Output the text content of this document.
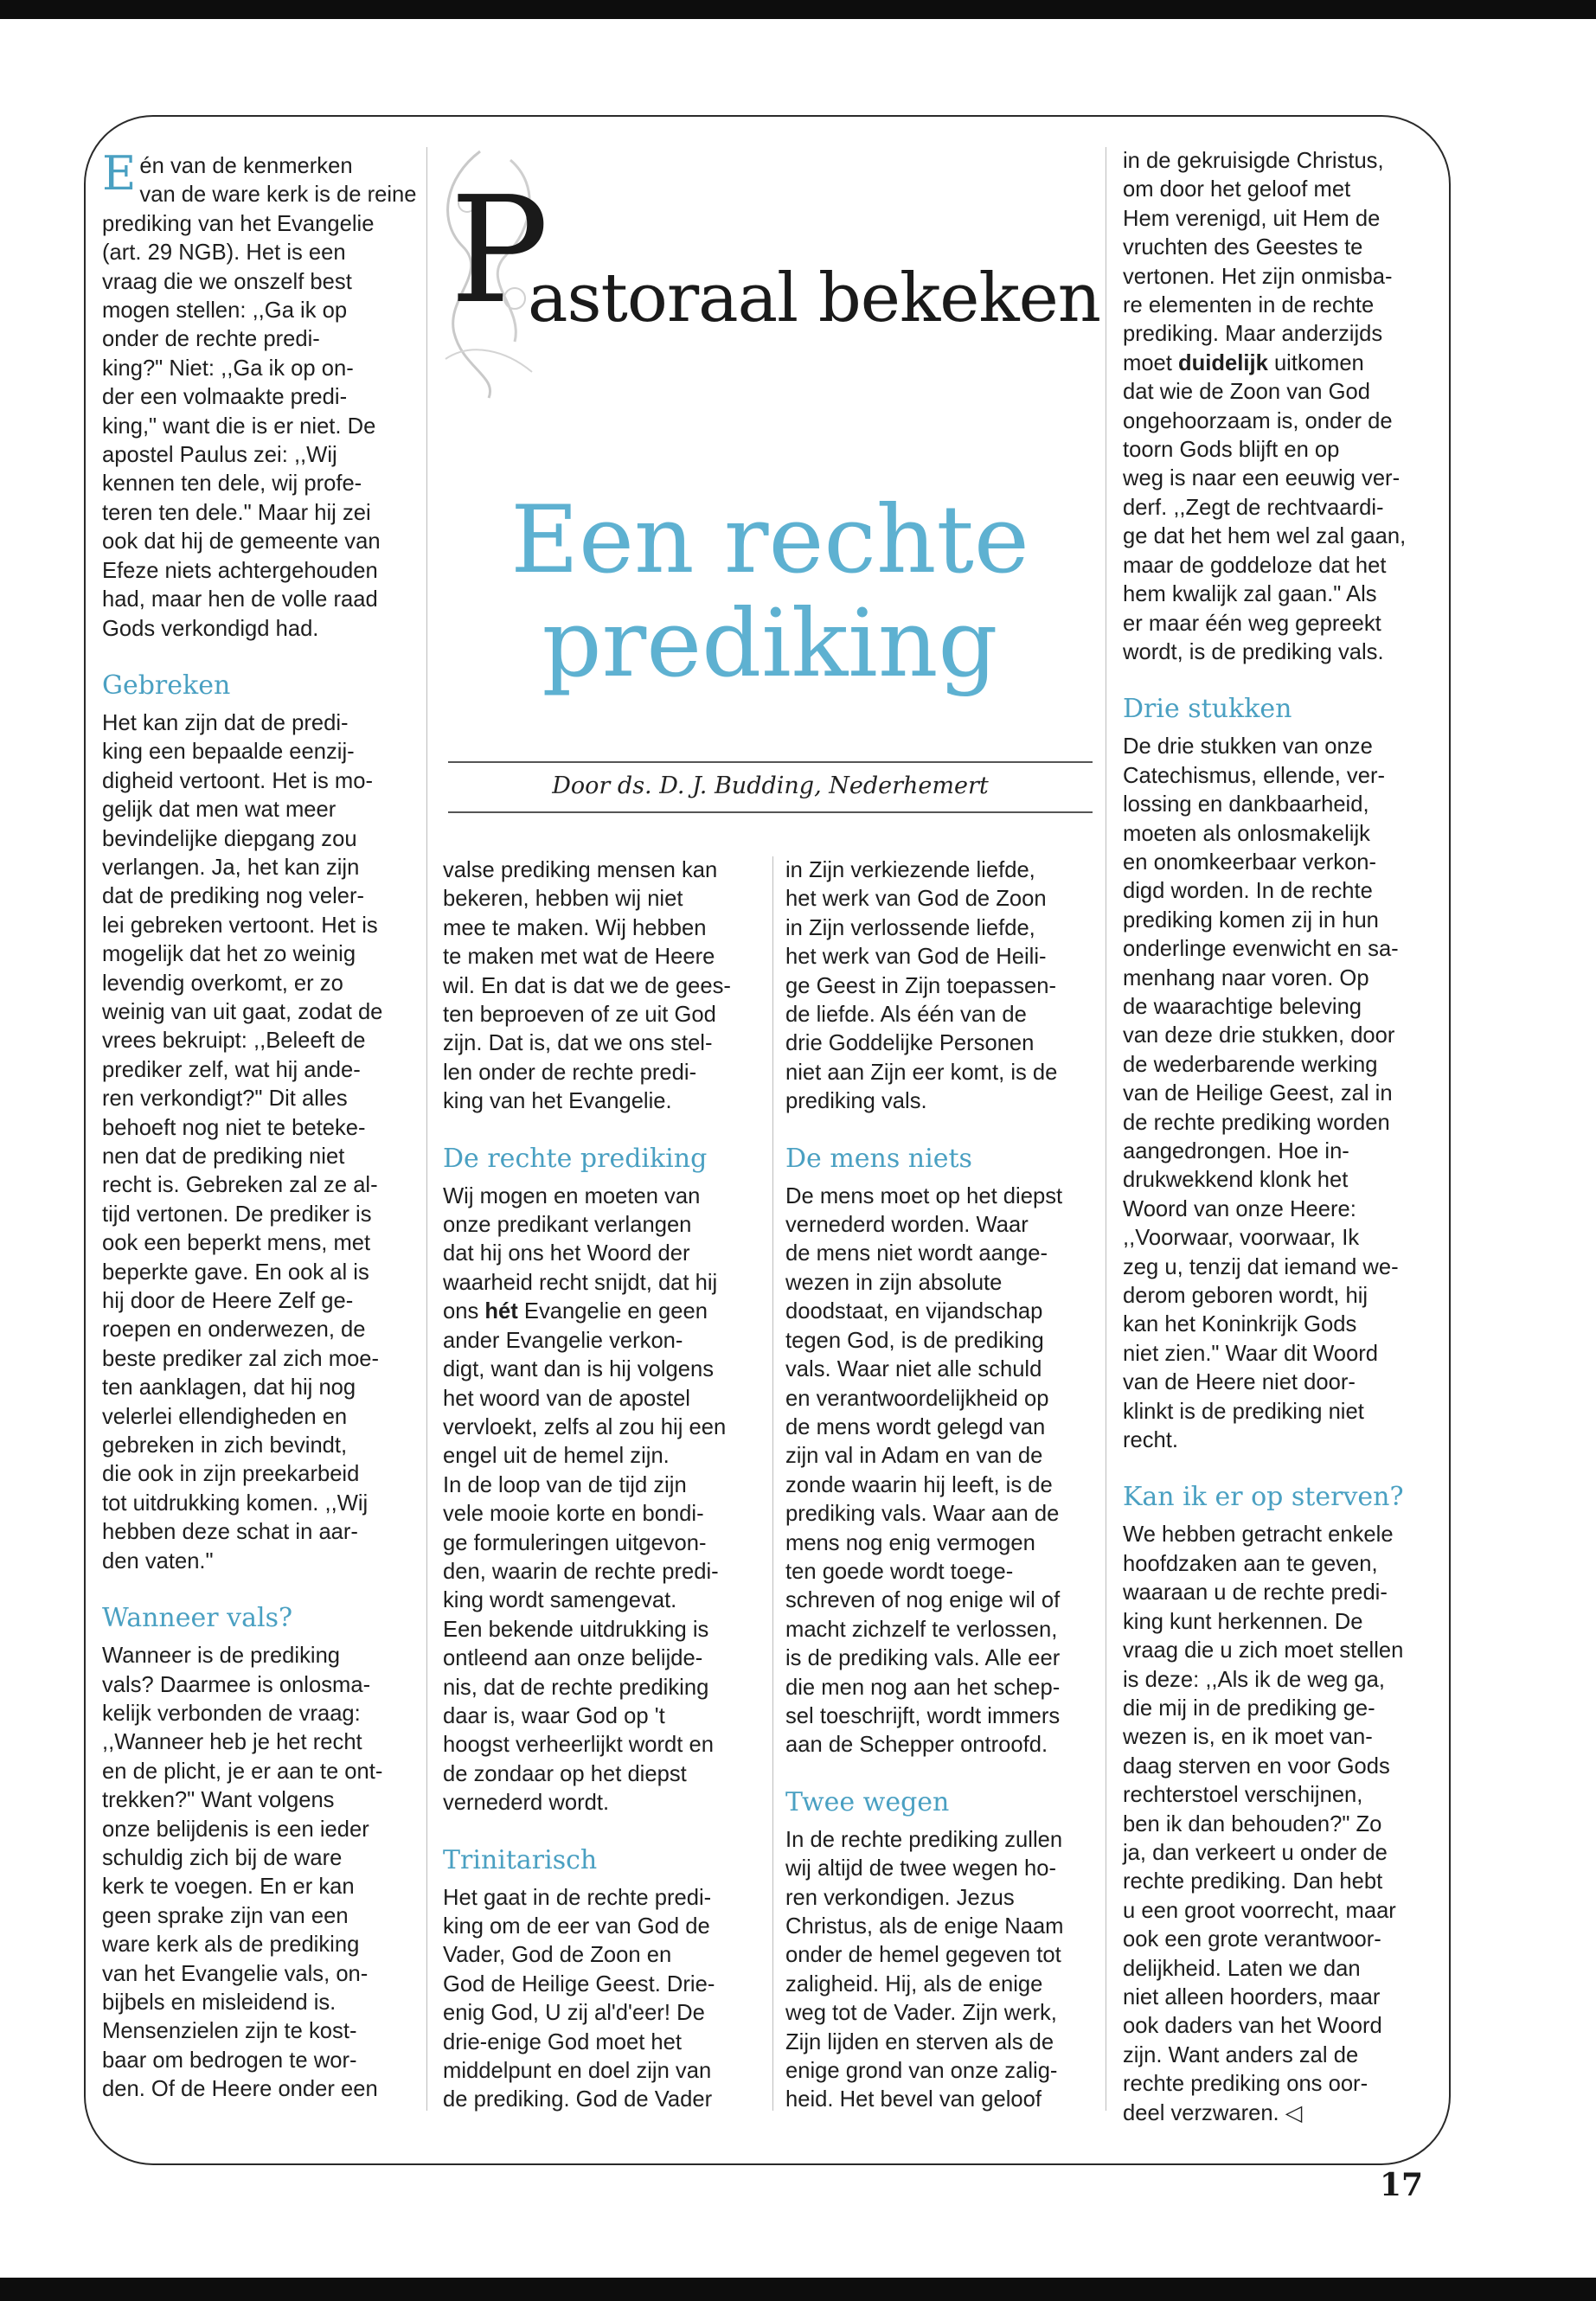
P
astoraal bekeken
Een rechte
prediking
Door ds. D. J. Budding, Nederhemert

Eén van de kenmerken
van de ware kerk is de reine
prediking van het Evangelie
(art. 29 NGB). Het is een
vraag die we onszelf best
mogen stellen: ,,Ga ik op
onder de rechte predi-
king?" Niet: ,,Ga ik op on-
der een volmaakte predi-
king," want die is er niet. De
apostel Paulus zei: ,,Wij
kennen ten dele, wij profe-
teren ten dele." Maar hij zei
ook dat hij de gemeente van
Efeze niets achtergehouden
had, maar hen de volle raad
Gods verkondigd had.

Gebreken

Het kan zijn dat de predi-
king een bepaalde eenzij-
digheid vertoont. Het is mo-
gelijk dat men wat meer
bevindelijke diepgang zou
verlangen. Ja, het kan zijn
dat de prediking nog veler-
lei gebreken vertoont. Het is
mogelijk dat het zo weinig
levendig overkomt, er zo
weinig van uit gaat, zodat de
vrees bekruipt: ,,Beleeft de
prediker zelf, wat hij ande-
ren verkondigt?" Dit alles
behoeft nog niet te beteke-
nen dat de prediking niet
recht is. Gebreken zal ze al-
tijd vertonen. De prediker is
ook een beperkt mens, met
beperkte gave. En ook al is
hij door de Heere Zelf ge-
roepen en onderwezen, de
beste prediker zal zich moe-
ten aanklagen, dat hij nog
velerlei ellendigheden en
gebreken in zich bevindt,
die ook in zijn preekarbeid
tot uitdrukking komen. ,,Wij
hebben deze schat in aar-
den vaten."

Wanneer vals?

Wanneer is de prediking
vals? Daarmee is onlosma-
kelijk verbonden de vraag:
,,Wanneer heb je het recht
en de plicht, je er aan te ont-
trekken?" Want volgens
onze belijdenis is een ieder
schuldig zich bij de ware
kerk te voegen. En er kan
geen sprake zijn van een
ware kerk als de prediking
van het Evangelie vals, on-
bijbels en misleidend is.
Mensenzielen zijn te kost-
baar om bedrogen te wor-
den. Of de Heere onder een

valse prediking mensen kan
bekeren, hebben wij niet
mee te maken. Wij hebben
te maken met wat de Heere
wil. En dat is dat we de gees-
ten beproeven of ze uit God
zijn. Dat is, dat we ons stel-
len onder de rechte predi-
king van het Evangelie.

De rechte prediking

Wij mogen en moeten van
onze predikant verlangen
dat hij ons het Woord der
waarheid recht snijdt, dat hij
ons hét Evangelie en geen
ander Evangelie verkon-
digt, want dan is hij volgens
het woord van de apostel
vervloekt, zelfs al zou hij een
engel uit de hemel zijn.

In de loop van de tijd zijn
vele mooie korte en bondi-
ge formuleringen uitgevon-
den, waarin de rechte predi-
king wordt samengevat.
Een bekende uitdrukking is
ontleend aan onze belijde-
nis, dat de rechte prediking
daar is, waar God op 't
hoogst verheerlijkt wordt en
de zondaar op het diepst
vernederd wordt.

Trinitarisch

Het gaat in de rechte predi-
king om de eer van God de
Vader, God de Zoon en
God de Heilige Geest. Drie-
enig God, U zij al'd'eer! De
drie-enige God moet het
middelpunt en doel zijn van
de prediking. God de Vader

in Zijn verkiezende liefde,
het werk van God de Zoon
in Zijn verlossende liefde,
het werk van God de Heili-
ge Geest in Zijn toepassen-
de liefde. Als één van de
drie Goddelijke Personen
niet aan Zijn eer komt, is de
prediking vals.

De mens niets

De mens moet op het diepst
vernederd worden. Waar
de mens niet wordt aange-
wezen in zijn absolute
doodstaat, en vijandschap
tegen God, is de prediking
vals. Waar niet alle schuld
en verantwoordelijkheid op
de mens wordt gelegd van
zijn val in Adam en van de
zonde waarin hij leeft, is de
prediking vals. Waar aan de
mens nog enig vermogen
ten goede wordt toege-
schreven of nog enige wil of
macht zichzelf te verlossen,
is de prediking vals. Alle eer
die men nog aan het schep-
sel toeschrijft, wordt immers
aan de Schepper ontroofd.

Twee wegen

In de rechte prediking zullen
wij altijd de twee wegen ho-
ren verkondigen. Jezus
Christus, als de enige Naam
onder de hemel gegeven tot
zaligheid. Hij, als de enige
weg tot de Vader. Zijn werk,
Zijn lijden en sterven als de
enige grond van onze zalig-
heid. Het bevel van geloof

in de gekruisigde Christus,
om door het geloof met
Hem verenigd, uit Hem de
vruchten des Geestes te
vertonen. Het zijn onmisba-
re elementen in de rechte
prediking. Maar anderzijds
moet duidelijk uitkomen
dat wie de Zoon van God
ongehoorzaam is, onder de
toorn Gods blijft en op
weg is naar een eeuwig ver-
derf. ,,Zegt de rechtvaardi-
ge dat het hem wel zal gaan,
maar de goddeloze dat het
hem kwalijk zal gaan." Als
er maar één weg gepreekt
wordt, is de prediking vals.

Drie stukken

De drie stukken van onze
Catechismus, ellende, ver-
lossing en dankbaarheid,
moeten als onlosmakelijk
en onomkeerbaar verkon-
digd worden. In de rechte
prediking komen zij in hun
onderlinge evenwicht en sa-
menhang naar voren. Op
de waarachtige beleving
van deze drie stukken, door
de wederbarende werking
van de Heilige Geest, zal in
de rechte prediking worden
aangedrongen. Hoe in-
drukwekkend klonk het
Woord van onze Heere:
,,Voorwaar, voorwaar, Ik
zeg u, tenzij dat iemand we-
derom geboren wordt, hij
kan het Koninkrijk Gods
niet zien." Waar dit Woord
van de Heere niet door-
klinkt is de prediking niet
recht.

Kan ik er op sterven?

We hebben getracht enkele
hoofdzaken aan te geven,
waaraan u de rechte predi-
king kunt herkennen. De
vraag die u zich moet stellen
is deze: ,,Als ik de weg ga,
die mij in de prediking ge-
wezen is, en ik moet van-
daag sterven en voor Gods
rechterstoel verschijnen,
ben ik dan behouden?" Zo
ja, dan verkeert u onder de
rechte prediking. Dan hebt
u een groot voorrecht, maar
ook een grote verantwoor-
delijkheid. Laten we dan
niet alleen hoorders, maar
ook daders van het Woord
zijn. Want anders zal de
rechte prediking ons oor-
deel verzwaren. ◁

17
